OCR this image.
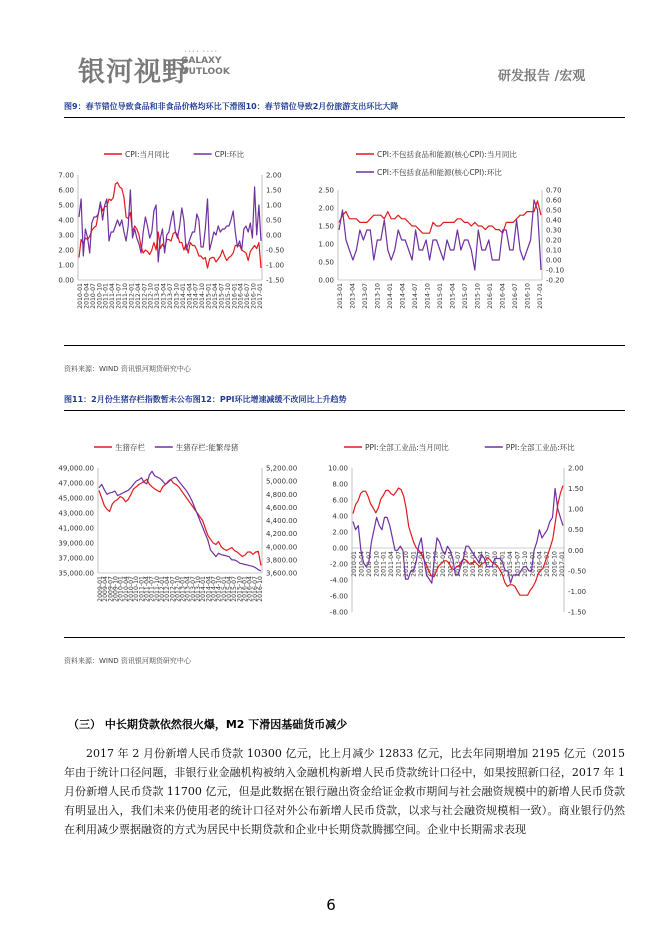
银河视野
•••• ••••
GALAXY
OUTLOOK	研发报告 /宏观
图9：春节错位导致食品和非食品价格均环比下滑图10：春节错位导致2月份旅游支出环比大降
7.00
6.00
5.00
4.00
3.00
2.00
1.00
0.00
2.00
1.50
1.00
0.50
0.00
-0.50
-1.00
-1.50
2010-01 2010-04 2010-07 2010-10 2011-01 2011-04 2011-07 2011-10 2012-01 2012-04 2012-07 2012-10 2013-01 2013-04 2013-07 2013-10 2014-01 2014-04 2014-07 2014-10 2015-01 2015-04 2015-07 2015-10 2016-01 2016-04 2016-07 2016-10 2017-01
CPI:当月同比	CPI:环比
2.50
2.00
1.50
1.00
0.50
0.00
0.70
0.60
0.50
0.40
0.30
0.20
0.10
0.00
-0.10
-0.20
2013-01 2013-04 2013-07 2013-10 2014-01 2014-04 2014-07 2014-10 2015-01 2015-04 2015-07 2015-10 2016-01 2016-04 2016-07 2016-10 2017-01
CPI:不包括食品和能源(核心CPI):当月同比
CPI:不包括食品和能源(核心CPI):环比
资料来源：WIND 资讯银河期货研究中心
图11：2月份生猪存栏指数暂未公布图12：PPI环比增速减缓不改同比上升趋势
49,000.00
47,000.00
45,000.00
43,000.00
41,000.00
39,000.00
37,000.00
35,000.00
5,200.00
5,000.00
4,800.00
4,600.00
4,400.00
4,200.00
4,000.00
3,800.00
3,600.00
2009-01
2009-04
2009-07
2009-10
2010-01
2010-04
2010-07
2010-10
2011-01
2011-04
2011-07
2011-10
2012-01
2012-04
2012-07
2012-10
2013-01
2013-04
2013-07
2013-10
2014-01
2014-04
2014-07
2014-10
2015-01
2015-04
2015-07
2015-10
2016-01
2016-04
2016-07
2016-10
生猪存栏	生猪存栏:能繁母猪
10.00
8.00
6.00
4.00
2.00
0.00
-2.00
-4.00
-6.00
-8.00
2.00
1.50
1.00
0.50
0.00
-0.50
-1.00
-1.50
2010-01 2010-04 2010-07 2010-10 2011-01 2011-04 2011-07 2011-10 2012-01 2012-04 2012-07 2012-10 2013-01 2013-04 2013-07 2013-10 2014-01 2014-04 2014-07 2014-10 2015-01 2015-04 2015-07 2015-10 2016-01 2016-04 2016-07 2016-10 2017-01
PPI:全部工业品:当月同比	PPI:全部工业品:环比
资料来源：WIND 资讯银河期货研究中心
（三） 中长期贷款依然很火爆，M2 下滑因基础货币减少
2017 年 2 月份新增人民币贷款 10300 亿元，比上月减少 12833 亿元，比去年同期增加 2195 亿元（2015 年由于统计口径问题，非银行业金融机构被纳入金融机构新增人民币贷款统计口径中，如果按照新口径，2017 年 1 月份新增人民币贷款 11700 亿元，但是此数据在银行融出资金给证金救市期间与社会融资规模中的新增人民币贷款有明显出入，我们未来仍使用老的统计口径对外公布新增人民币贷款，以求与社会融资规模相一致）。商业银行仍然在利用减少票据融资的方式为居民中长期贷款和企业中长期贷款腾挪空间。企业中长期需求表现
6
